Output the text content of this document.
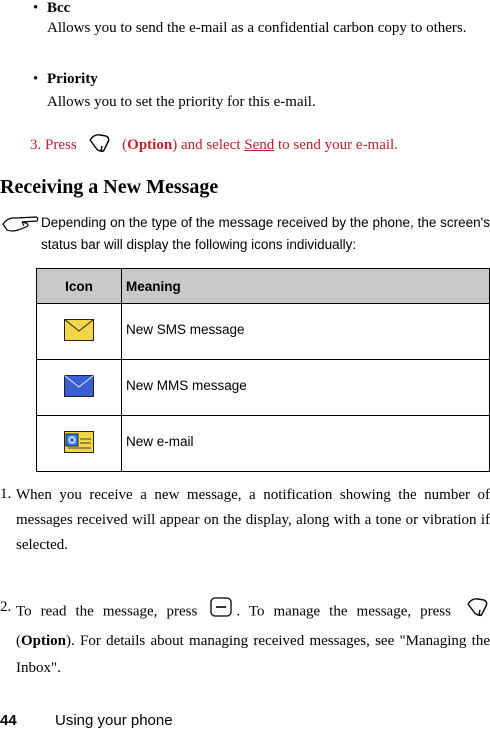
• Bcc
Allows you to send the e-mail as a confidential carbon copy to others.
• Priority
Allows you to set the priority for this e-mail.
3. Press	(Option) and select Send to send your e-mail.
Receiving a New Message
Depending on the type of the message received by the phone, the screen's status bar will display the following icons individually:
Icon	Meaning
	New SMS message
	New MMS message
	New e-mail
1. When you receive a new message, a notification showing the number of messages received will appear on the display, along with a tone or vibration if selected.
2. To read the message, press	. To manage the message, press  (Option). For details about managing received messages, see "Managing the Inbox".
44	Using your phone
